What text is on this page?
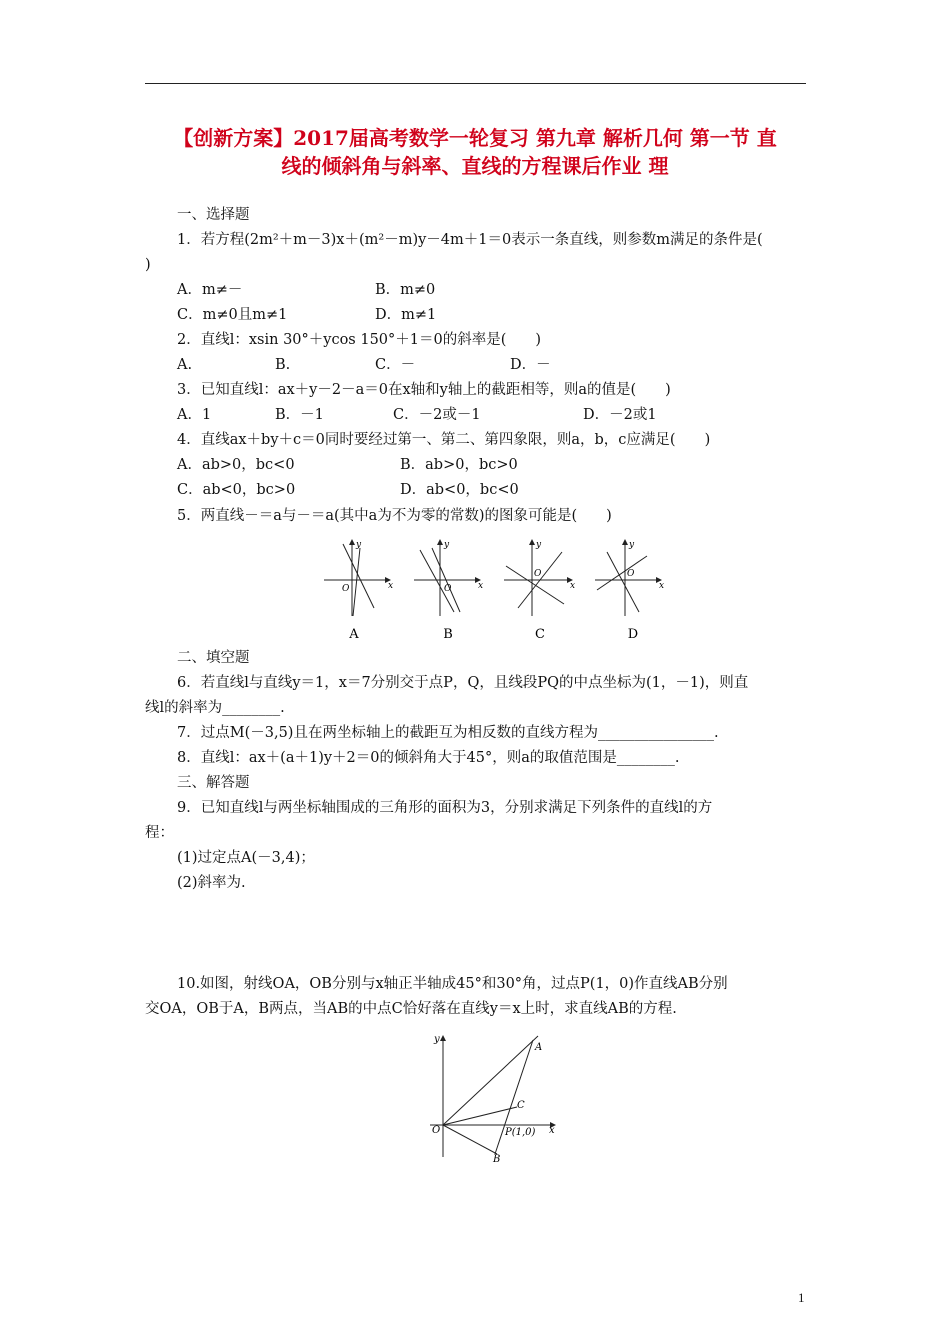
【创新方案】2017届高考数学一轮复习 第九章 解析几何 第一节 直
线的倾斜角与斜率、直线的方程课后作业 理
一、选择题
1．若方程(2m²＋m－3)x＋(m²－m)y－4m＋1＝0表示一条直线，则参数m满足的条件是(
)
A．m≠－	B．m≠0
C．m≠0且m≠1	D．m≠1
2．直线l：xsin 30°＋ycos 150°＋1＝0的斜率是(　　)
A.	B.	C．－	D．－
3．已知直线l：ax＋y－2－a＝0在x轴和y轴上的截距相等，则a的值是(　　)
A．1	B．－1	C．－2或－1	D．－2或1
4．直线ax＋by＋c＝0同时要经过第一、第二、第四象限，则a，b，c应满足(　　)
A．ab>0，bc<0	B．ab>0，bc>0
C．ab<0，bc>0	D．ab<0，bc<0
5．两直线－＝a与－＝a(其中a为不为零的常数)的图象可能是(　　)
y
x
O
y
x
O
y
x
O
y
x
O
A	B	C	D
二、填空题
6．若直线l与直线y＝1，x＝7分别交于点P，Q，且线段PQ的中点坐标为(1，－1)，则直
线l的斜率为________.
7．过点M(－3,5)且在两坐标轴上的截距互为相反数的直线方程为________________.
8．直线l：ax＋(a＋1)y＋2＝0的倾斜角大于45°，则a的取值范围是________.
三、解答题
9．已知直线l与两坐标轴围成的三角形的面积为3，分别求满足下列条件的直线l的方
程：
(1)过定点A(－3,4)；
(2)斜率为.
10.如图，射线OA，OB分别与x轴正半轴成45°和30°角，过点P(1，0)作直线AB分别
交OA，OB于A，B两点，当AB的中点C恰好落在直线y＝x上时，求直线AB的方程.
y
x
O
A
C
P(1,0)
B
1
